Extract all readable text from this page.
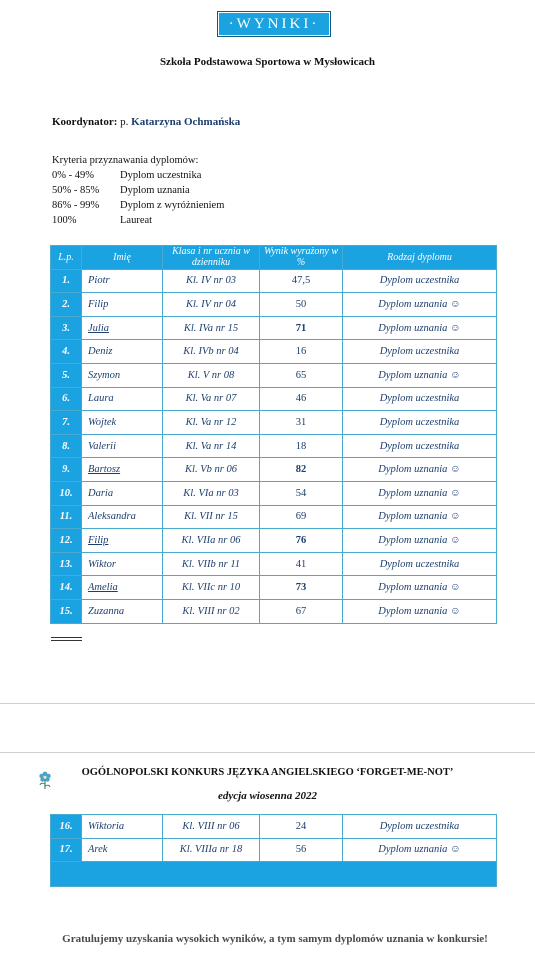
·WYNIKI·
Szkoła Podstawowa Sportowa w Mysłowicach
Koordynator: p. Katarzyna Ochmańska
Kryteria przyznawania dyplomów:
0% - 49%	Dyplom uczestnika
50% - 85%	Dyplom uznania
86% - 99%	Dyplom z wyróżnieniem
100%	Laureat
L.p.	Imię	Klasa i nr ucznia w dzienniku	Wynik wyrażony w %	Rodzaj dyplomu
1.	Piotr	Kl. IV nr 03	47,5	Dyplom uczestnika
2.	Filip	Kl. IV nr 04	50	Dyplom uznania ☺
3.	Julia	Kl. IVa nr 15	71	Dyplom uznania ☺
4.	Deniz	Kl. IVb nr 04	16	Dyplom uczestnika
5.	Szymon	Kl. V nr 08	65	Dyplom uznania ☺
6.	Laura	Kl. Va nr 07	46	Dyplom uczestnika
7.	Wojtek	Kl. Va nr 12	31	Dyplom uczestnika
8.	Valerii	Kl. Va nr 14	18	Dyplom uczestnika
9.	Bartosz	Kl. Vb nr 06	82	Dyplom uznania ☺
10.	Daria	Kl. VIa nr 03	54	Dyplom uznania ☺
11.	Aleksandra	Kl. VII nr 15	69	Dyplom uznania ☺
12.	Filip	Kl. VIIa nr 06	76	Dyplom uznania ☺
13.	Wiktor	Kl. VIIb nr 11	41	Dyplom uczestnika
14.	Amelia	Kl. VIIc nr 10	73	Dyplom uznania ☺
15.	Zuzanna	Kl. VIII nr 02	67	Dyplom uznania ☺
OGÓLNOPOLSKI KONKURS JĘZYKA ANGIELSKIEGO ‘FORGET-ME-NOT’
edycja wiosenna 2022
16.	Wiktoria	Kl. VIII nr 06	24	Dyplom uczestnika
17.	Arek	Kl. VIIIa nr 18	56	Dyplom uznania ☺

Gratulujemy uzyskania wysokich wyników, a tym samym dyplomów uznania w konkursie!
